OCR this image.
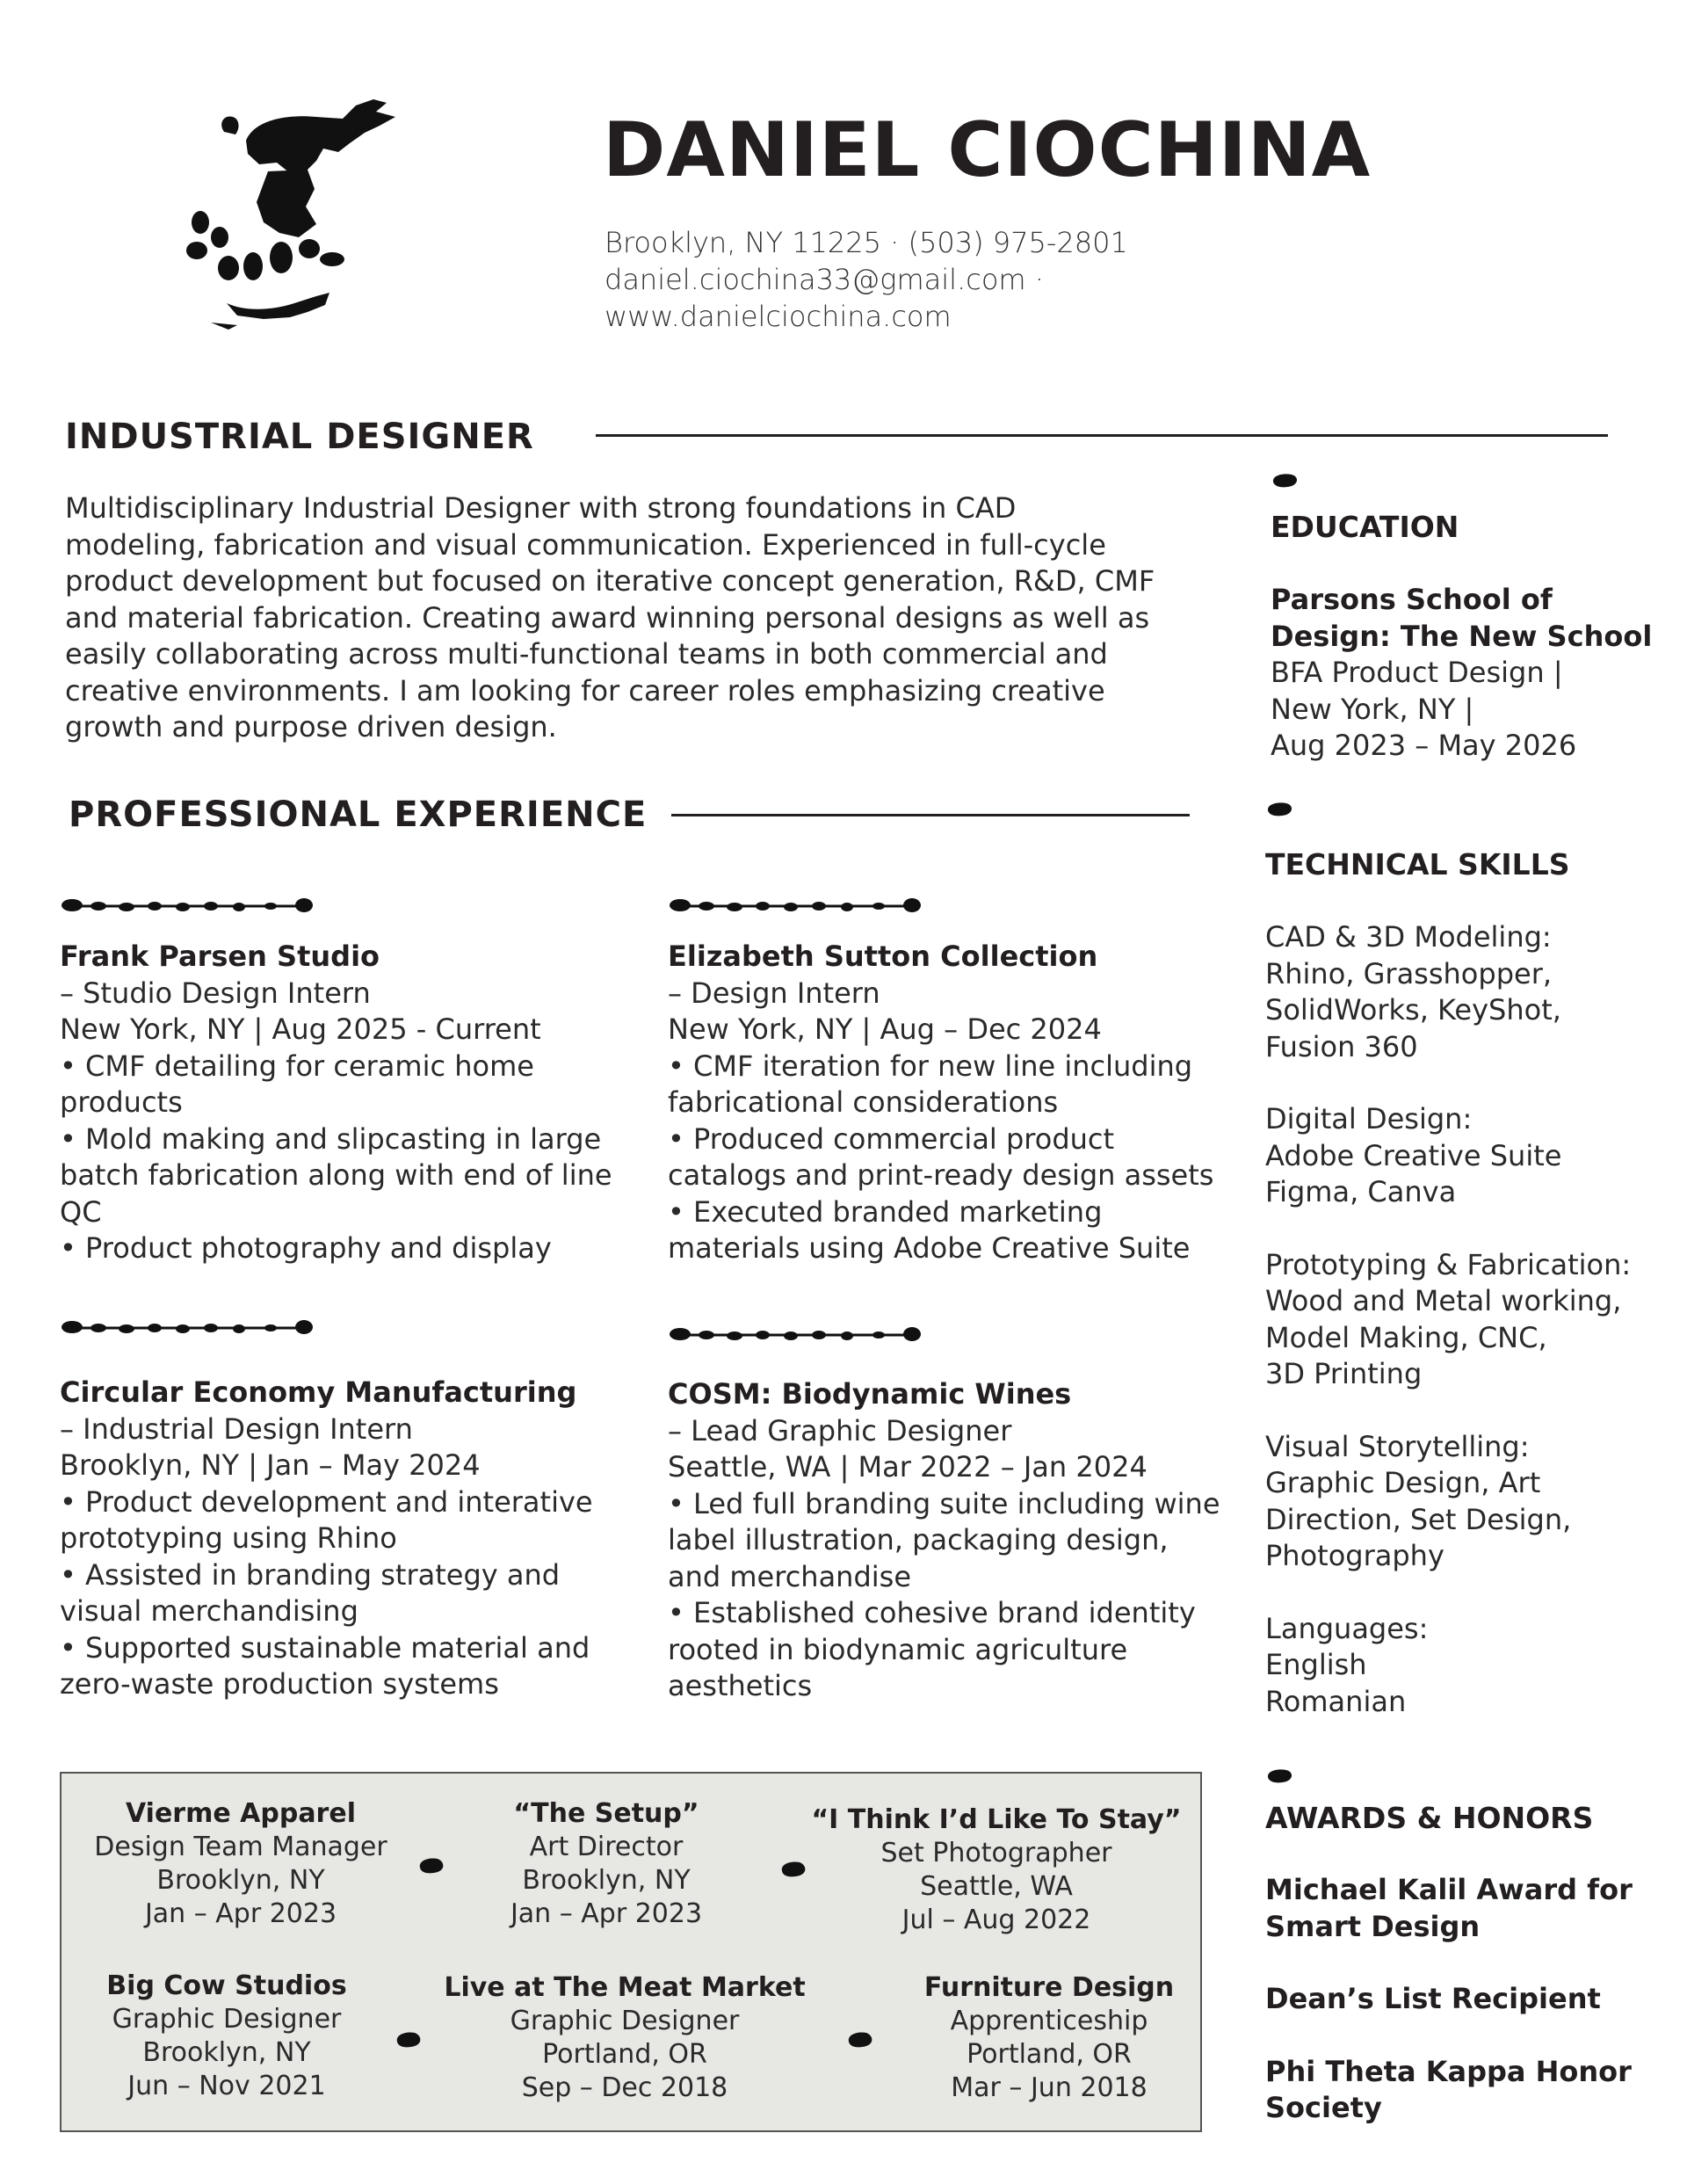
DANIEL CIOCHINA
Brooklyn, NY 11225 · (503) 975-2801
daniel.ciochina33@gmail.com ·
www.danielciochina.com
INDUSTRIAL DESIGNER
Multidisciplinary Industrial Designer with strong foundations in CAD
modeling, fabrication and visual communication. Experienced in full-cycle
product development but focused on iterative concept generation, R&D, CMF
and material fabrication. Creating award winning personal designs as well as
easily collaborating across multi-functional teams in both commercial and
creative environments. I am looking for career roles emphasizing creative
growth and purpose driven design.
PROFESSIONAL EXPERIENCE
Frank Parsen Studio
– Studio Design Intern
New York, NY | Aug 2025 - Current
• CMF detailing for ceramic home
products
• Mold making and slipcasting in large
batch fabrication along with end of line
QC
• Product photography and display
Elizabeth Sutton Collection
– Design Intern
New York, NY | Aug – Dec 2024
• CMF iteration for new line including
fabricational considerations
• Produced commercial product
catalogs and print-ready design assets
• Executed branded marketing
materials using Adobe Creative Suite
Circular Economy Manufacturing
– Industrial Design Intern
Brooklyn, NY | Jan – May 2024
• Product development and interative
prototyping using Rhino
• Assisted in branding strategy and
visual merchandising
• Supported sustainable material and
zero-waste production systems
COSM: Biodynamic Wines
– Lead Graphic Designer
Seattle, WA | Mar 2022 – Jan 2024
• Led full branding suite including wine
label illustration, packaging design,
and merchandise
• Established cohesive brand identity
rooted in biodynamic agriculture
aesthetics
EDUCATION
Parsons School of
Design: The New School
BFA Product Design |
New York, NY |
Aug 2023 – May 2026
TECHNICAL SKILLS
CAD & 3D Modeling:
Rhino, Grasshopper,
SolidWorks, KeyShot,
Fusion 360
Digital Design:
Adobe Creative Suite
Figma, Canva
Prototyping & Fabrication:
Wood and Metal working,
Model Making, CNC,
3D Printing
Visual Storytelling:
Graphic Design, Art
Direction, Set Design,
Photography
Languages:
English
Romanian
AWARDS & HONORS
Michael Kalil Award for
Smart Design
Dean’s List Recipient
Phi Theta Kappa Honor
Society
Vierme Apparel
Design Team Manager
Brooklyn, NY
Jan – Apr 2023
“The Setup”
Art Director
Brooklyn, NY
Jan – Apr 2023
“I Think I’d Like To Stay”
Set Photographer
Seattle, WA
Jul – Aug 2022
Big Cow Studios
Graphic Designer
Brooklyn, NY
Jun – Nov 2021
Live at The Meat Market
Graphic Designer
Portland, OR
Sep – Dec 2018
Furniture Design
Apprenticeship
Portland, OR
Mar – Jun 2018
